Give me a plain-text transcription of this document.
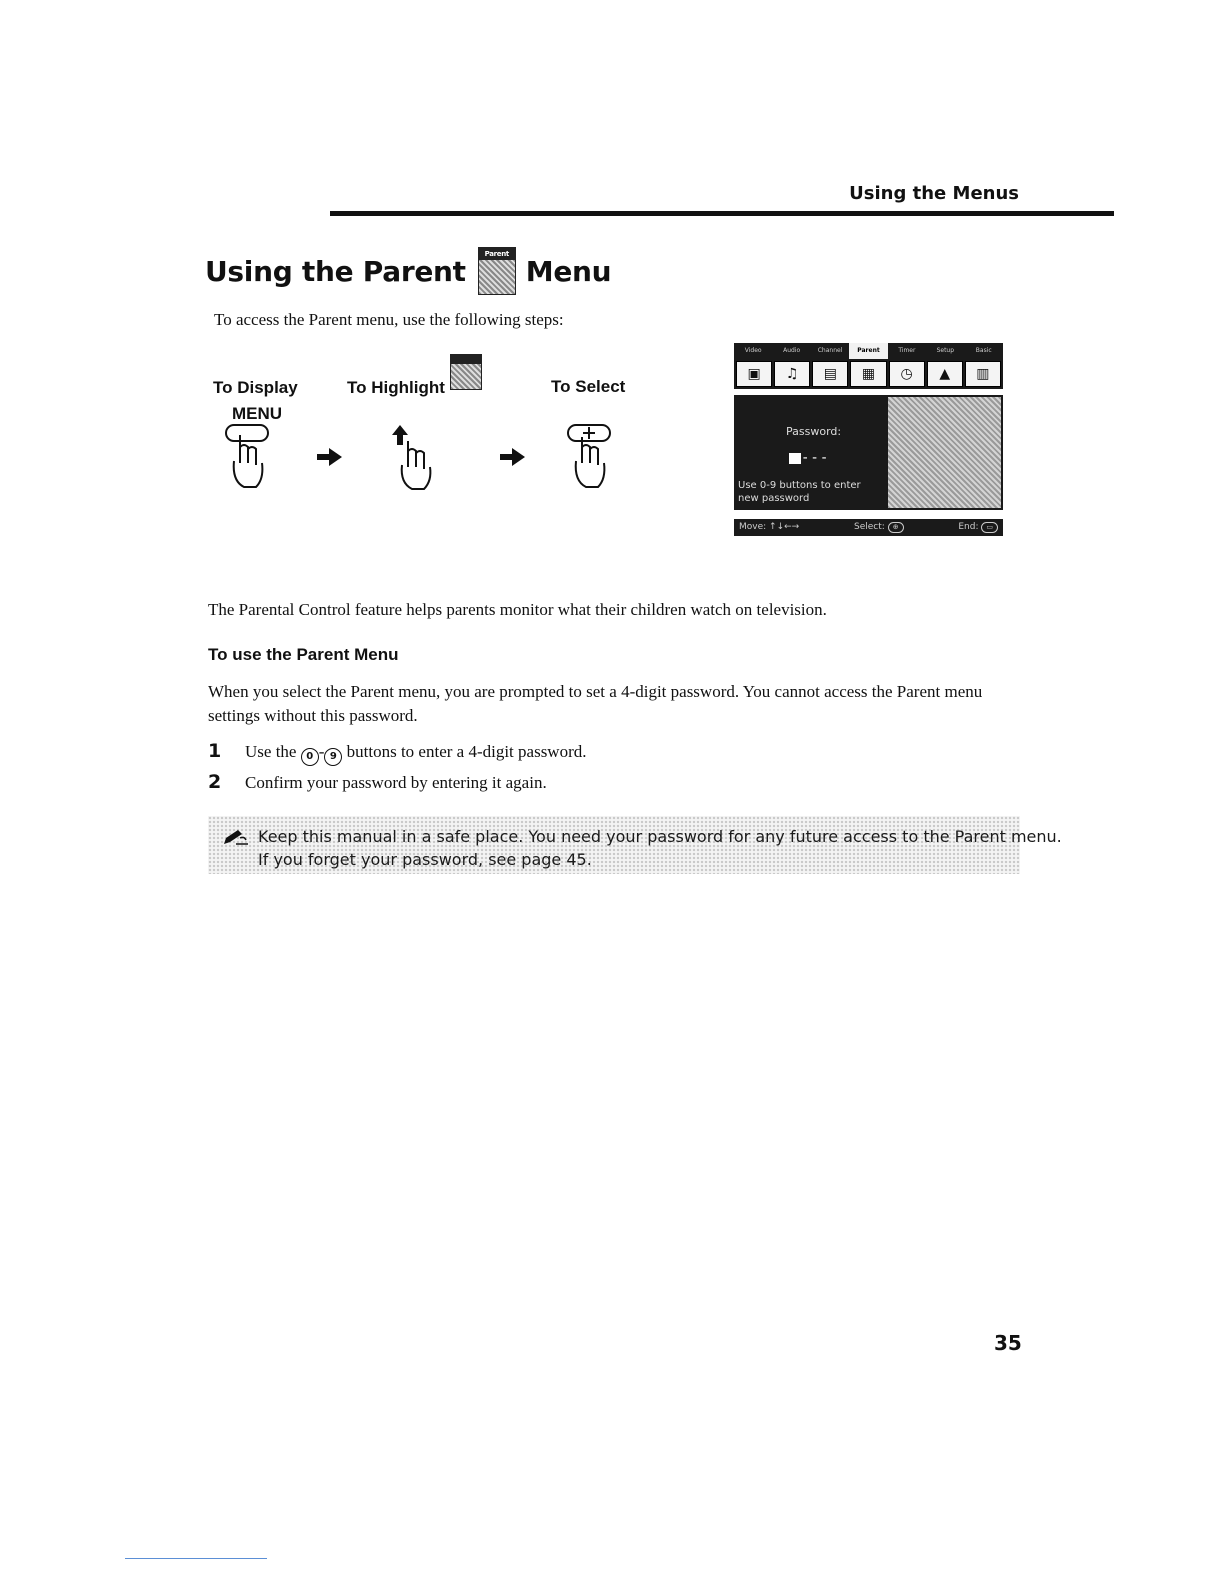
Using the Menus
Using the Parent
Parent
Menu
To access the Parent menu, use the following steps:
To Display	To Highlight	To Select
MENU
Video	Audio	Channel	Parent	Timer	Setup	Basic
▣	♫	▤	▦	◷	▲	▥
Password:
---
Use 0-9 buttons to enter new password
Move: ↑↓←→	Select: ⊕	End: ▭
The Parental Control feature helps parents monitor what their children watch on television.
To use the Parent Menu
When you select the Parent menu, you are prompted to set a 4-digit password. You cannot access the Parent menu settings without this password.
1 Use the 0 - 9 buttons to enter a 4-digit password.
2 Confirm your password by entering it again.
Keep this manual in a safe place. You need your password for any future access to the Parent menu.
If you forget your password, see page 45.
35
